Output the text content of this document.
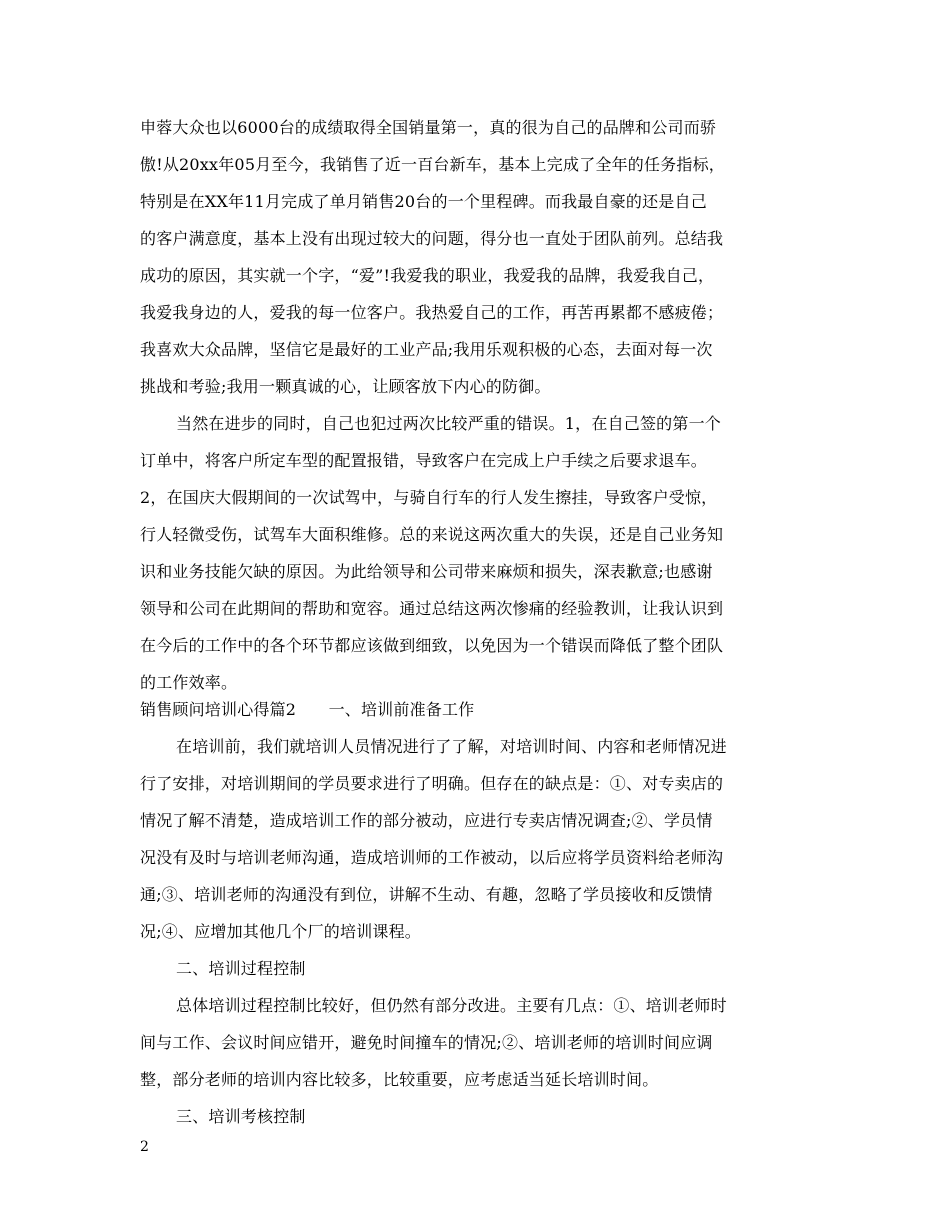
申蓉大众也以6000台的成绩取得全国销量第一，真的很为自己的品牌和公司而骄
傲!从20xx年05月至今，我销售了近一百台新车，基本上完成了全年的任务指标，
特别是在XX年11月完成了单月销售20台的一个里程碑。而我最自豪的还是自己
的客户满意度，基本上没有出现过较大的问题，得分也一直处于团队前列。总结我
成功的原因，其实就一个字，“爱”!我爱我的职业，我爱我的品牌，我爱我自己，
我爱我身边的人，爱我的每一位客户。我热爱自己的工作，再苦再累都不感疲倦；
我喜欢大众品牌，坚信它是最好的工业产品;我用乐观积极的心态，去面对每一次
挑战和考验;我用一颗真诚的心，让顾客放下内心的防御。
当然在进步的同时，自己也犯过两次比较严重的错误。1，在自己签的第一个
订单中，将客户所定车型的配置报错，导致客户在完成上户手续之后要求退车。
2，在国庆大假期间的一次试驾中，与骑自行车的行人发生擦挂，导致客户受惊，
行人轻微受伤，试驾车大面积维修。总的来说这两次重大的失误，还是自己业务知
识和业务技能欠缺的原因。为此给领导和公司带来麻烦和损失，深表歉意;也感谢
领导和公司在此期间的帮助和宽容。通过总结这两次惨痛的经验教训，让我认识到
在今后的工作中的各个环节都应该做到细致，以免因为一个错误而降低了整个团队
的工作效率。
销售顾问培训心得篇2　　一、培训前准备工作
在培训前，我们就培训人员情况进行了了解，对培训时间、内容和老师情况进
行了安排，对培训期间的学员要求进行了明确。但存在的缺点是：①、对专卖店的
情况了解不清楚，造成培训工作的部分被动，应进行专卖店情况调查;②、学员情
况没有及时与培训老师沟通，造成培训师的工作被动，以后应将学员资料给老师沟
通;③、培训老师的沟通没有到位，讲解不生动、有趣，忽略了学员接收和反馈情
况;④、应增加其他几个厂的培训课程。
二、培训过程控制
总体培训过程控制比较好，但仍然有部分改进。主要有几点：①、培训老师时
间与工作、会议时间应错开，避免时间撞车的情况;②、培训老师的培训时间应调
整，部分老师的培训内容比较多，比较重要，应考虑适当延长培训时间。
三、培训考核控制
2
